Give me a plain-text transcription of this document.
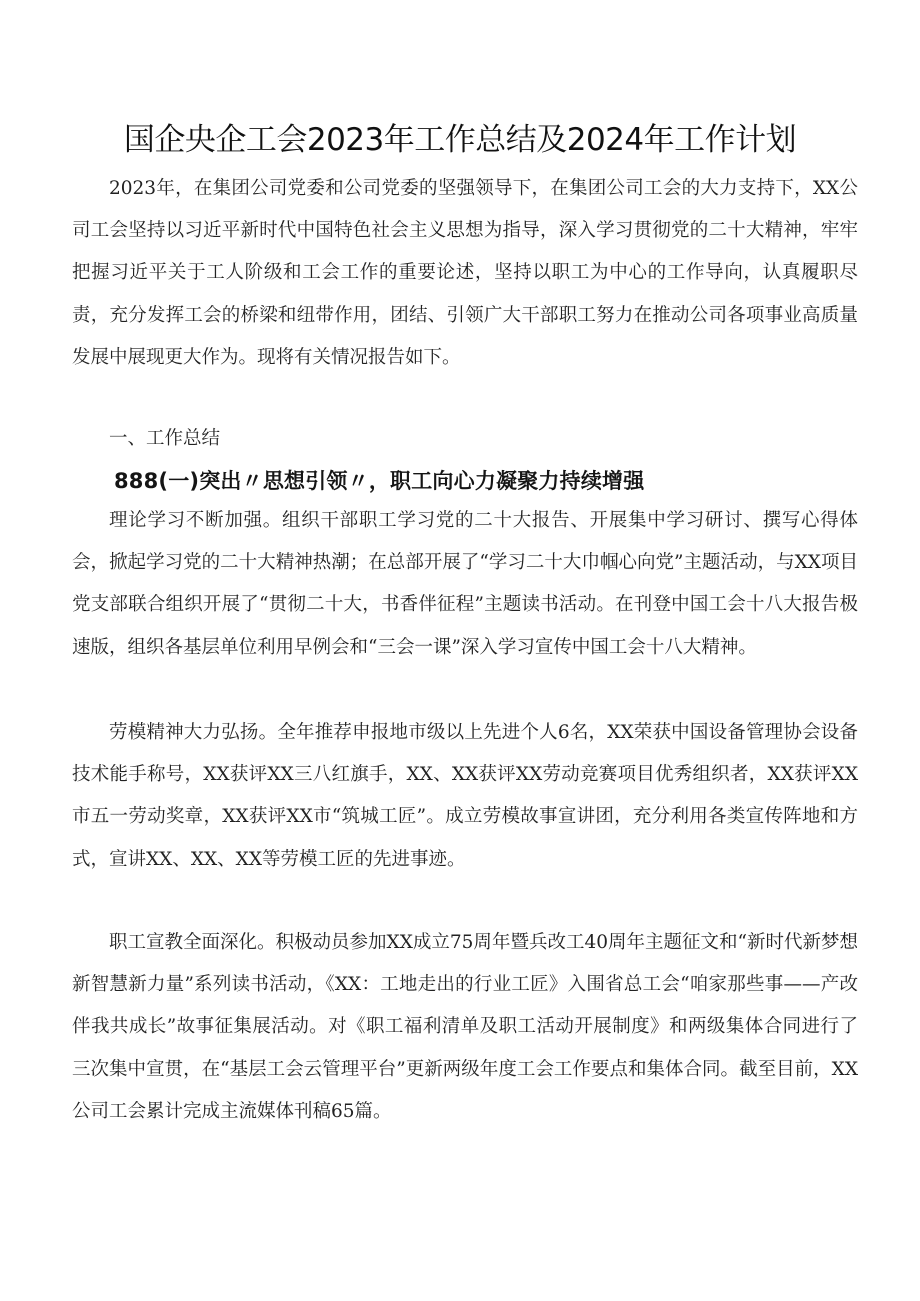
国企央企工会2023年工作总结及2024年工作计划

2023年，在集团公司党委和公司党委的坚强领导下，在集团公司工会的大力支持下，XX公司工会坚持以习近平新时代中国特色社会主义思想为指导，深入学习贯彻党的二十大精神，牢牢把握习近平关于工人阶级和工会工作的重要论述，坚持以职工为中心的工作导向，认真履职尽责，充分发挥工会的桥梁和纽带作用，团结、引领广大干部职工努力在推动公司各项事业高质量发展中展现更大作为。现将有关情况报告如下。

一、工作总结

888(一)突出〃思想引领〃，职工向心力凝聚力持续增强

理论学习不断加强。组织干部职工学习党的二十大报告、开展集中学习研讨、撰写心得体会，掀起学习党的二十大精神热潮；在总部开展了“学习二十大巾帼心向党”主题活动，与XX项目党支部联合组织开展了“贯彻二十大，书香伴征程”主题读书活动。在刊登中国工会十八大报告极速版，组织各基层单位利用早例会和“三会一课”深入学习宣传中国工会十八大精神。

劳模精神大力弘扬。全年推荐申报地市级以上先进个人6名，XX荣获中国设备管理协会设备技术能手称号，XX获评XX三八红旗手，XX、XX获评XX劳动竞赛项目优秀组织者，XX获评XX市五一劳动奖章，XX获评XX市“筑城工匠”。成立劳模故事宣讲团，充分利用各类宣传阵地和方式，宣讲XX、XX、XX等劳模工匠的先进事迹。

职工宣教全面深化。积极动员参加XX成立75周年暨兵改工40周年主题征文和“新时代新梦想新智慧新力量”系列读书活动，《XX：工地走出的行业工匠》入围省总工会“咱家那些事——产改伴我共成长”故事征集展活动。对《职工福利清单及职工活动开展制度》和两级集体合同进行了三次集中宣贯，在“基层工会云管理平台”更新两级年度工会工作要点和集体合同。截至目前，XX公司工会累计完成主流媒体刊稿65篇。
